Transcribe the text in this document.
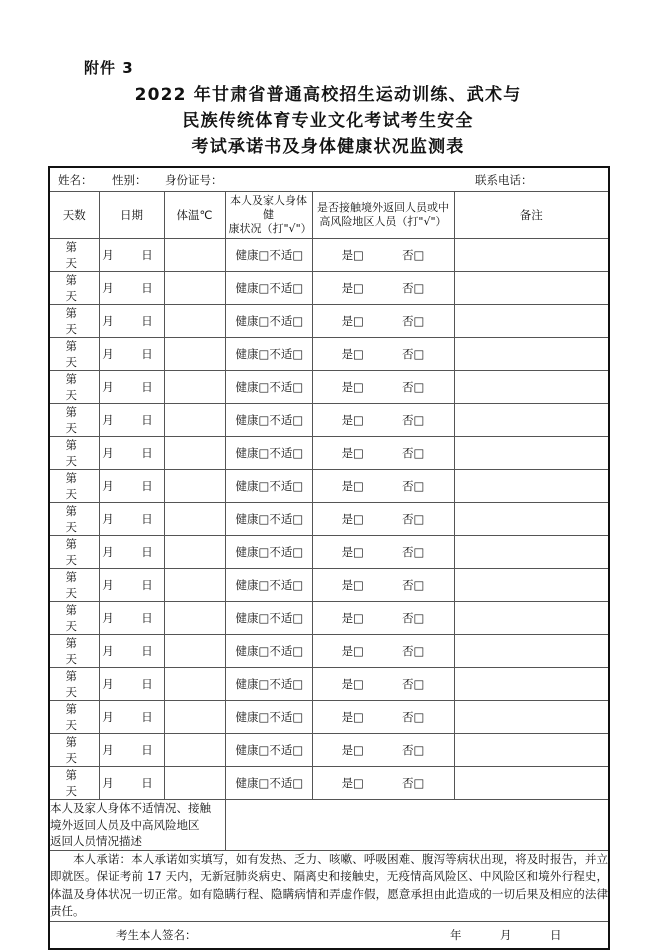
附件 3
2022 年甘肃省普通高校招生运动训练、武术与
民族传统体育专业文化考试考生安全
考试承诺书及身体健康状况监测表
姓名： 性别： 身份证号： 联系电话：					

天数	日期	体温℃	
本人及家人身体健
康状况（打"√"）

是否接触境外返回人员或中
高风险地区人员（打"√"）	备注
第　天	月　日		健康□ 不适□	是□ 否□	

第　天	月　日		健康□ 不适□	是□ 否□	

第　天	月　日		健康□ 不适□	是□ 否□	

第　天	月　日		健康□ 不适□	是□ 否□	

第　天	月　日		健康□ 不适□	是□ 否□	

第　天	月　日		健康□ 不适□	是□ 否□	

第　天	月　日		健康□ 不适□	是□ 否□	

第　天	月　日		健康□ 不适□	是□ 否□	

第　天	月　日		健康□ 不适□	是□ 否□	

第　天	月　日		健康□ 不适□	是□ 否□	

第　天	月　日		健康□ 不适□	是□ 否□	

第　天	月　日		健康□ 不适□	是□ 否□	

第　天	月　日		健康□ 不适□	是□ 否□	

第　天	月　日		健康□ 不适□	是□ 否□	

第　天	月　日		健康□ 不适□	是□ 否□	

第　天	月　日		健康□ 不适□	是□ 否□	

第　天	月　日		健康□ 不适□	是□ 否□	

本人及家人身体不适情况、接触
境外返回人员及中高风险地区
返回人员情况描述					

本人承诺：本人承诺如实填写，如有发热、乏力、咳嗽、呼吸困难、腹泻等病状出现，将及时报告，并立即就医。保证考前 17 天内，无新冠肺炎病史、隔离史和接触史，无疫情高风险区、中风险区和境外行程史，体温及身体状况一切正常。如有隐瞒行程、隐瞒病情和弄虚作假，愿意承担由此造成的一切后果及相应的法律责任。					

考生本人签名： 年 月 日					
